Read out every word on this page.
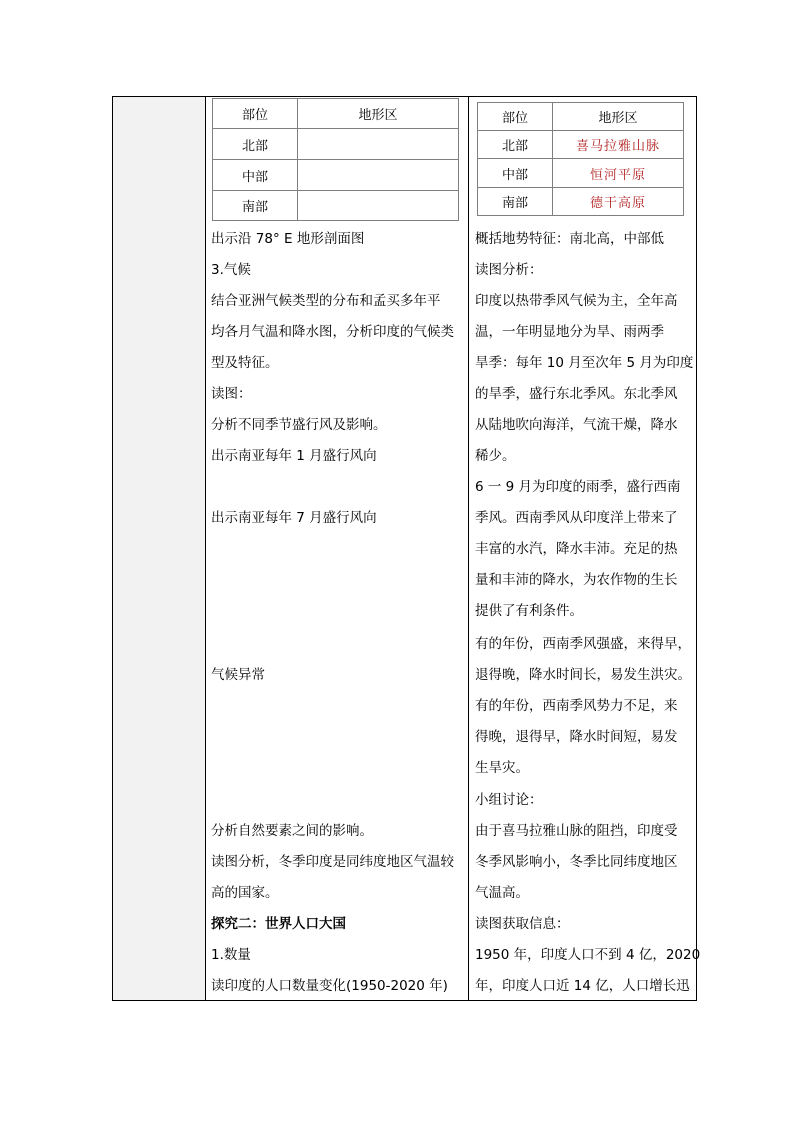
部位	地形区
北部	
中部	
南部	
出示沿 78° E 地形剖面图
3.气候
结合亚洲气候类型的分布和孟买多年平
均各月气温和降水图，分析印度的气候类
型及特征。
读图：
分析不同季节盛行风及影响。
出示南亚每年 1 月盛行风向
出示南亚每年 7 月盛行风向
气候异常
分析自然要素之间的影响。
读图分析，冬季印度是同纬度地区气温较
高的国家。
探究二：世界人口大国
1.数量
读印度的人口数量变化(1950-2020 年)
部位	地形区
北部	喜马拉雅山脉
中部	恒河平原
南部	德干高原
概括地势特征：南北高，中部低
读图分析：
印度以热带季风气候为主，全年高
温，一年明显地分为旱、雨两季
旱季：每年 10 月至次年 5 月为印度
的旱季，盛行东北季风。东北季风
从陆地吹向海洋，气流干燥，降水
稀少。
6 一 9 月为印度的雨季，盛行西南
季风。西南季风从印度洋上带来了
丰富的水汽，降水丰沛。充足的热
量和丰沛的降水，为农作物的生长
提供了有利条件。
有的年份，西南季风强盛，来得早，
退得晚，降水时间长，易发生洪灾。
有的年份，西南季风势力不足，来
得晚，退得早，降水时间短，易发
生旱灾。
小组讨论：
由于喜马拉雅山脉的阻挡，印度受
冬季风影响小，冬季比同纬度地区
气温高。
读图获取信息：
1950 年，印度人口不到 4 亿，2020
年，印度人口近 14 亿，人口增长迅
